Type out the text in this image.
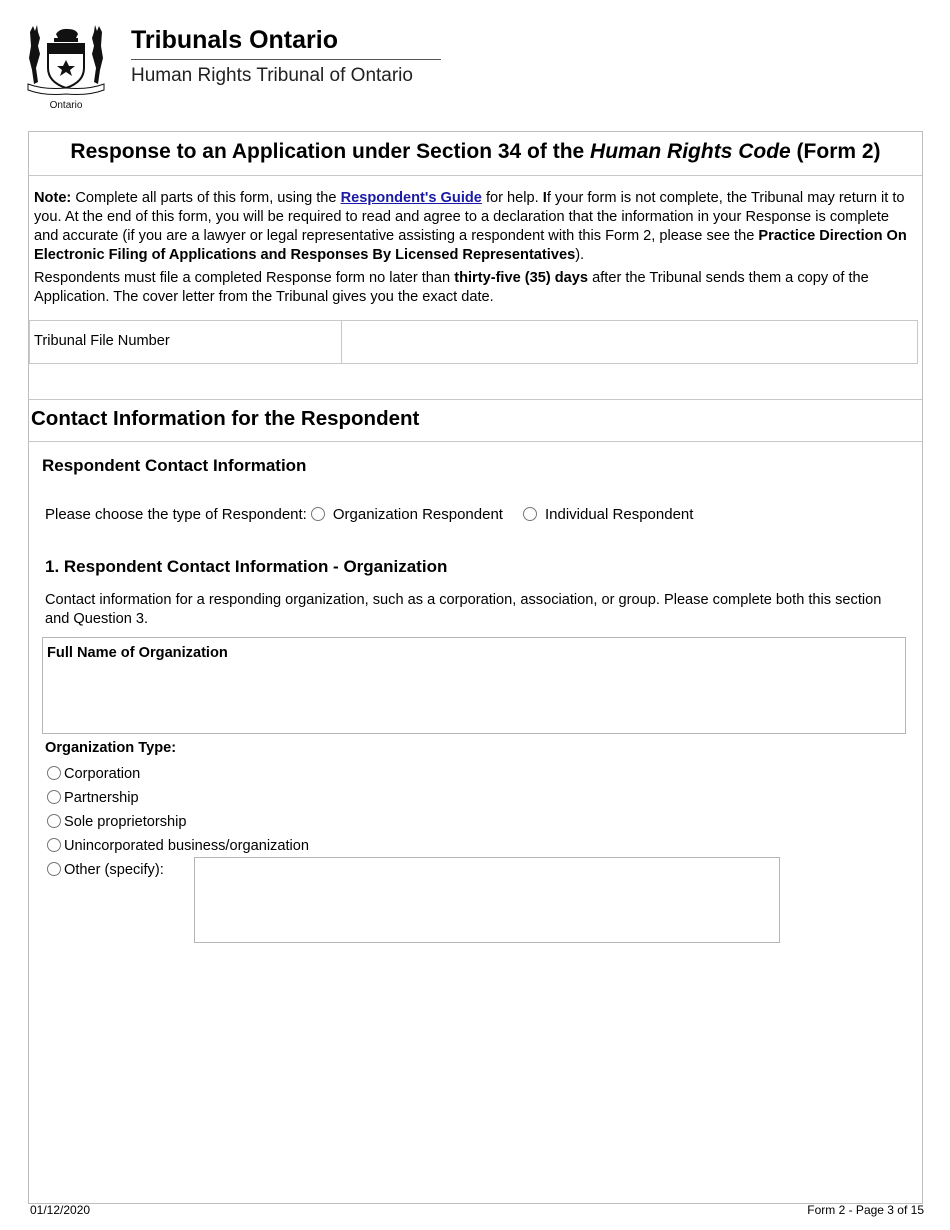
Ontario
Tribunals Ontario
Human Rights Tribunal of Ontario
Response to an Application under Section 34 of the Human Rights Code (Form 2)

Note: Complete all parts of this form, using the Respondent's Guide for help. If your form is not complete, the Tribunal may return it to you. At the end of this form, you will be required to read and agree to a declaration that the information in your Response is complete and accurate (if you are a lawyer or legal representative assisting a respondent with this Form 2, please see the Practice Direction On Electronic Filing of Applications and Responses By Licensed Representatives).

Respondents must file a completed Response form no later than thirty-five (35) days after the Tribunal sends them a copy of the Application. The cover letter from the Tribunal gives you the exact date.

Tribunal File Number
Contact Information for the Respondent
Respondent Contact Information
Please choose the type of Respondent: Organization Respondent	Individual Respondent
1. Respondent Contact Information - Organization
Contact information for a responding organization, such as a corporation, association, or group. Please complete both this section and Question 3.
Full Name of Organization
Organization Type:
Corporation
Partnership
Sole proprietorship
Unincorporated business/organization
Other (specify):
01/12/2020	Form 2 - Page 3 of 15
